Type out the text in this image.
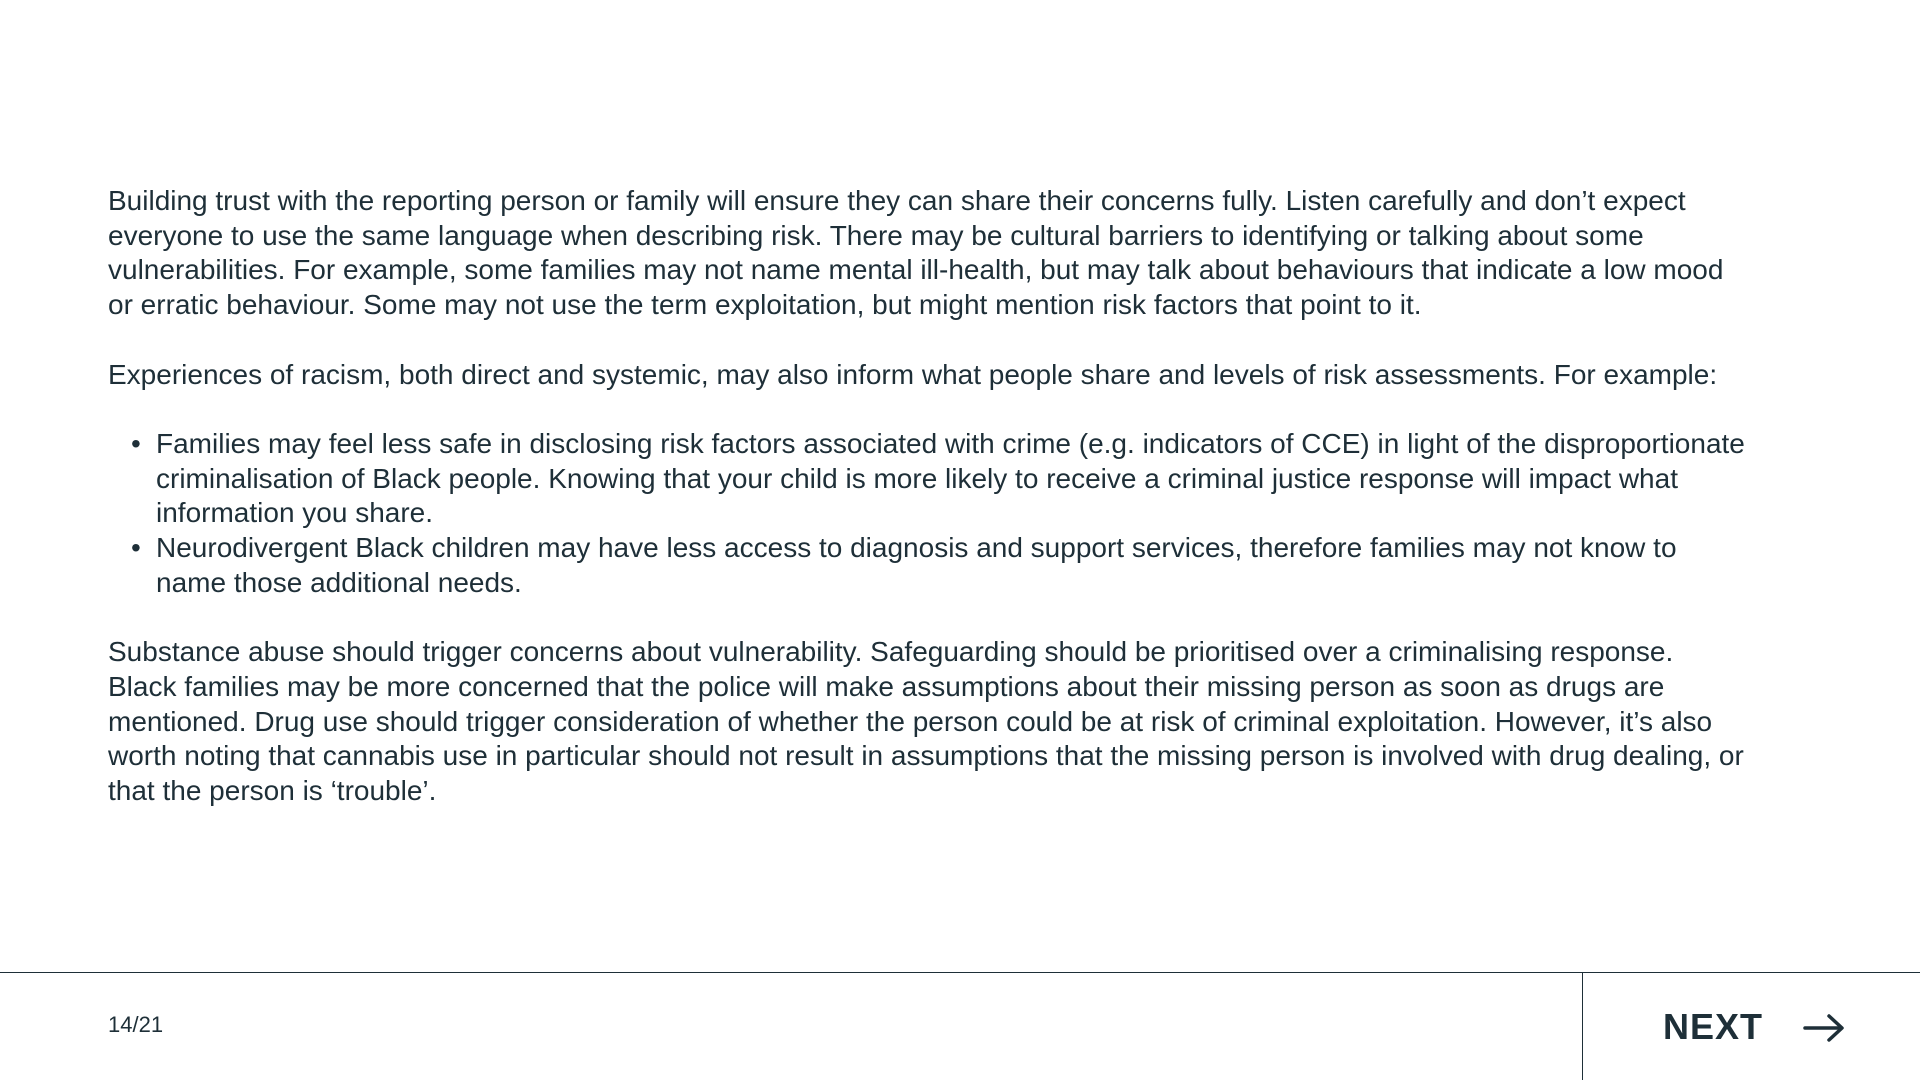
Building trust with the reporting person or family will ensure they can share their concerns fully. Listen carefully and don’t expect everyone to use the same language when describing risk. There may be cultural barriers to identifying or talking about some vulnerabilities. For example, some families may not name mental ill-health, but may talk about behaviours that indicate a low mood or erratic behaviour. Some may not use the term exploitation, but might mention risk factors that point to it.

Experiences of racism, both direct and systemic, may also inform what people share and levels of risk assessments. For example:

• Families may feel less safe in disclosing risk factors associated with crime (e.g. indicators of CCE) in light of the disproportionate criminalisation of Black people. Knowing that your child is more likely to receive a criminal justice response will impact what information you share.
• Neurodivergent Black children may have less access to diagnosis and support services, therefore families may not know to name those additional needs.

Substance abuse should trigger concerns about vulnerability. Safeguarding should be prioritised over a criminalising response. Black families may be more concerned that the police will make assumptions about their missing person as soon as drugs are mentioned. Drug use should trigger consideration of whether the person could be at risk of criminal exploitation. However, it’s also worth noting that cannabis use in particular should not result in assumptions that the missing person is involved with drug dealing, or that the person is ‘trouble’.

14/21	NEXT
